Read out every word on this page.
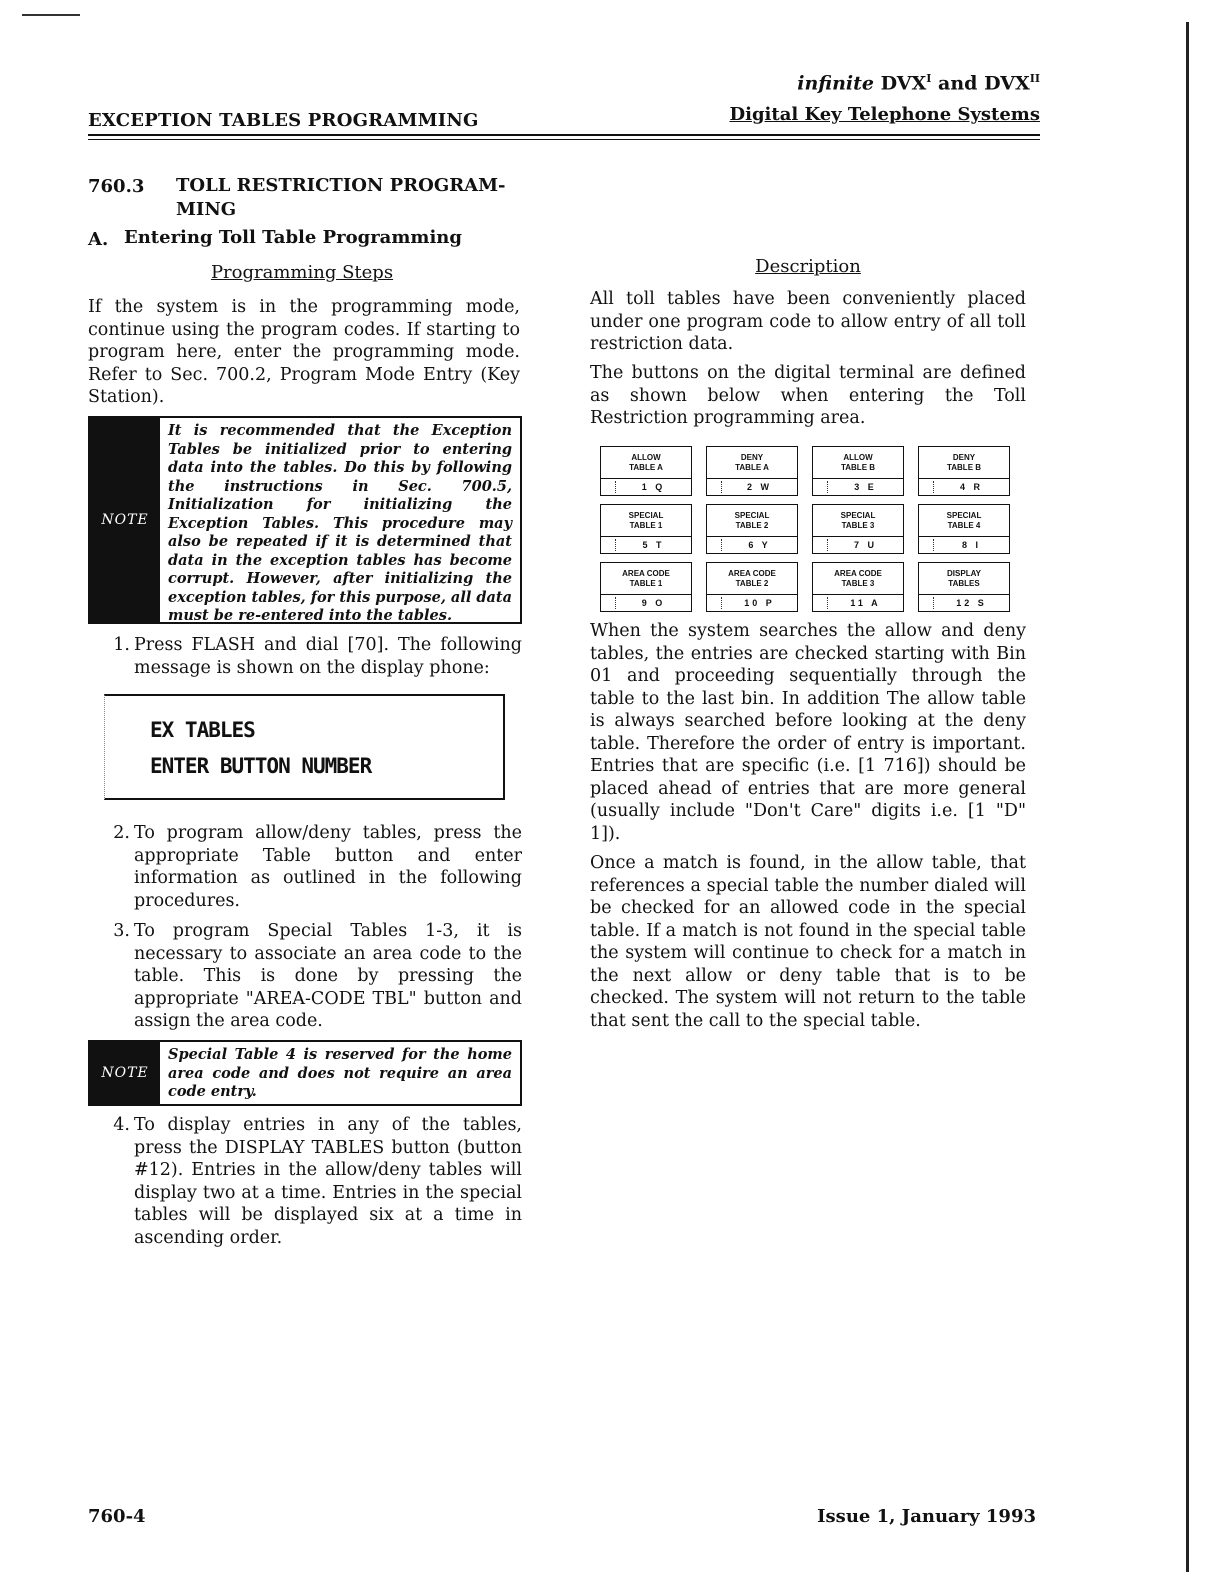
infinite $DVX^I$ and $DVX^{II}$
EXCEPTION TABLES PROGRAMMING	Digital Key Telephone Systems
760.3 TOLL RESTRICTION PROGRAM-MING
A. Entering Toll Table Programming
Programming Steps
If the system is in the programming mode, continue using the program codes. If starting to program here, enter the programming mode. Refer to Sec. 700.2, Program Mode Entry (Key Station).
NOTE
It is recommended that the Exception Tables be initialized prior to entering data into the tables. Do this by following the instructions in Sec. 700.5, Initialization for initializing the Exception Tables. This procedure may also be repeated if it is determined that data in the exception tables has become corrupt. However, after initializing the exception tables, for this purpose, all data must be re-entered into the tables.
1. Press FLASH and dial [70]. The following message is shown on the display phone:
EX TABLES
ENTER BUTTON NUMBER
2. To program allow/deny tables, press the appropriate Table button and enter information as outlined in the following procedures.
3. To program Special Tables 1-3, it is necessary to associate an area code to the table. This is done by pressing the appropriate "AREA-CODE TBL" button and assign the area code.
NOTE
Special Table 4 is reserved for the home area code and does not require an area code entry.
4. To display entries in any of the tables, press the DISPLAY TABLES button (button #12). Entries in the allow/deny tables will display two at a time. Entries in the special tables will be displayed six at a time in ascending order.
Description
All toll tables have been conveniently placed under one program code to allow entry of all toll restriction data.
The buttons on the digital terminal are defined as shown below when entering the Toll Restriction programming area.
ALLOW
TABLE A
1 Q
DENY
TABLE A
2 W
ALLOW
TABLE B
3 E
DENY
TABLE B
4 R
SPECIAL
TABLE 1
5 T
SPECIAL
TABLE 2
6 Y
SPECIAL
TABLE 3
7 U
SPECIAL
TABLE 4
8 I
AREA CODE
TABLE 1
9 O
AREA CODE
TABLE 2
10 P
AREA CODE
TABLE 3
11 A
DISPLAY
TABLES
12 S
When the system searches the allow and deny tables, the entries are checked starting with Bin 01 and proceeding sequentially through the table to the last bin. In addition The allow table is always searched before looking at the deny table. Therefore the order of entry is important. Entries that are specific (i.e. [1 716]) should be placed ahead of entries that are more general (usually include "Don't Care" digits i.e. [1 "D" 1]).
Once a match is found, in the allow table, that references a special table the number dialed will be checked for an allowed code in the special table. If a match is not found in the special table the system will continue to check for a match in the next allow or deny table that is to be checked. The system will not return to the table that sent the call to the special table.
760-4	Issue 1, January 1993
